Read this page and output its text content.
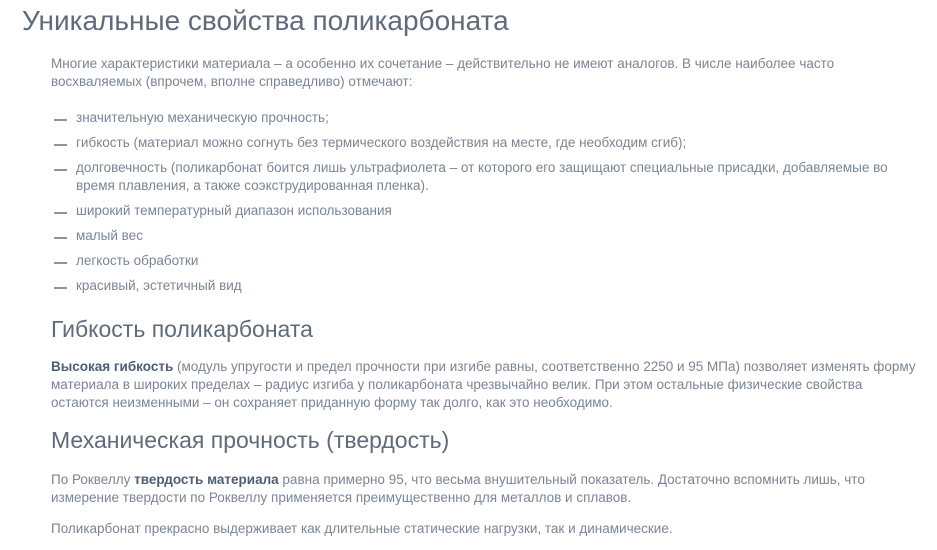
Уникальные свойства поликарбоната

Многие характеристики материала – а особенно их сочетание – действительно не имеют аналогов. В числе наиболее часто восхваляемых (впрочем, вполне справедливо) отмечают:

значительную механическую прочность;
гибкость (материал можно согнуть без термического воздействия на месте, где необходим сгиб);
долговечность (поликарбонат боится лишь ультрафиолета – от которого его защищают специальные присадки, добавляемые во время плавления, а также соэкструдированная пленка).
широкий температурный диапазон использования
малый вес
легкость обработки
красивый, эстетичный вид
Гибкость поликарбоната

Высокая гибкость (модуль упругости и предел прочности при изгибе равны, соответственно 2250 и 95 МПа) позволяет изменять форму материала в широких пределах – радиус изгиба у поликарбоната чрезвычайно велик. При этом остальные физические свойства остаются неизменными – он сохраняет приданную форму так долго, как это необходимо.

Механическая прочность (твердость)

По Роквеллу твердость материала равна примерно 95, что весьма внушительный показатель. Достаточно вспомнить лишь, что измерение твердости по Роквеллу применяется преимущественно для металлов и сплавов.

Поликарбонат прекрасно выдерживает как длительные статические нагрузки, так и динамические.
